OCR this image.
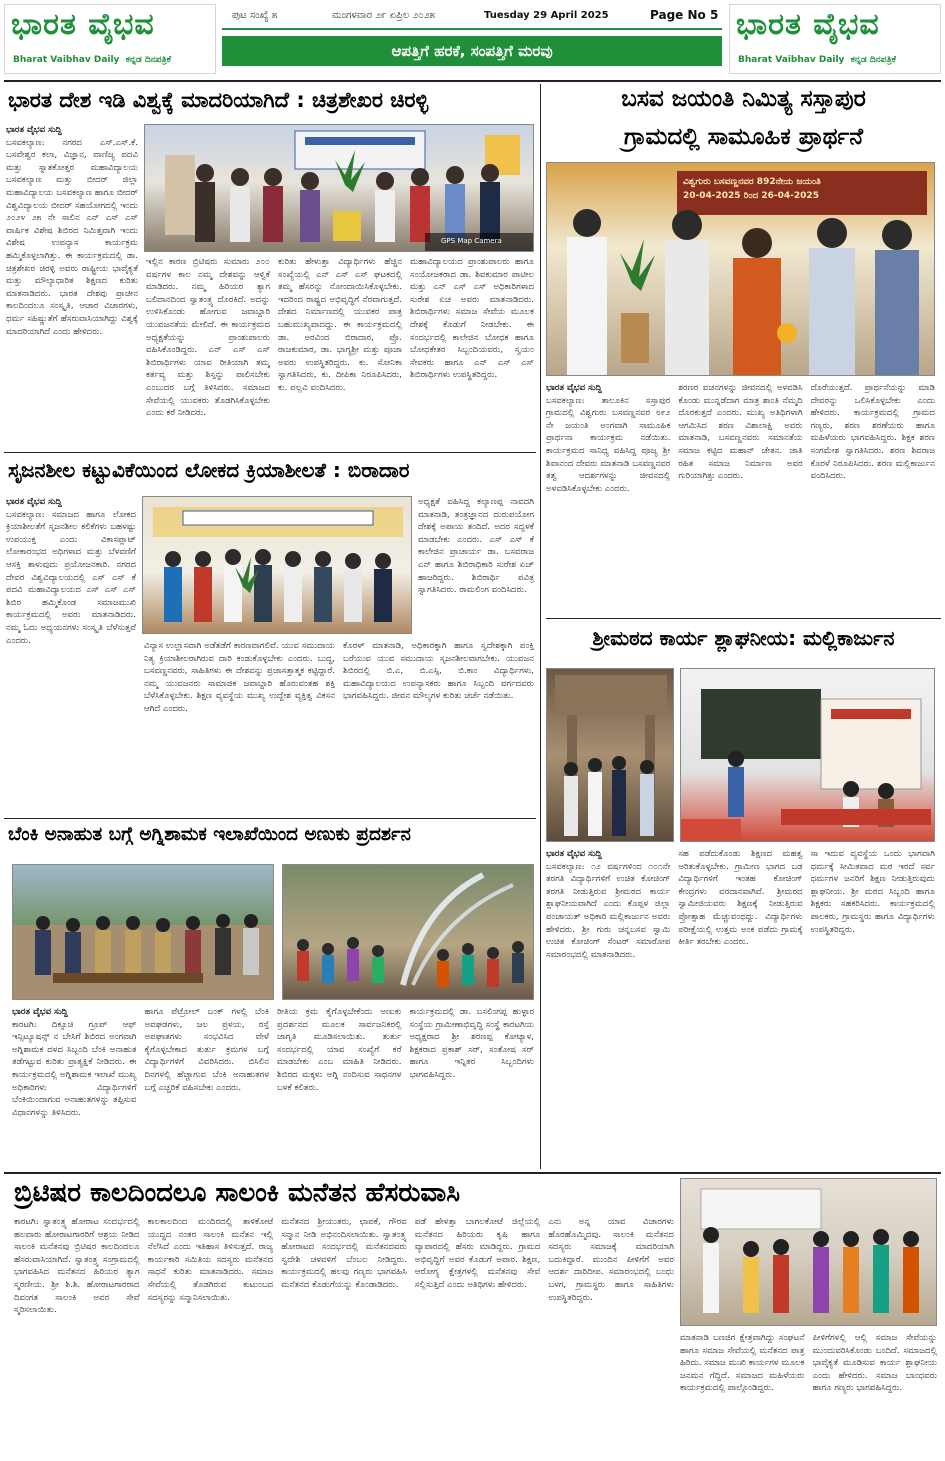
ಭಾರತ ವೈಭವ
Bharat Vaibhav Daily ಕನ್ನಡ ದಿನಪತ್ರಿಕೆ
ಪುಟ ಸಂಖ್ಯೆ ೫	ಮಂಗಳವಾರ ೨೯ ಏಪ್ರಿಲ ೨೦೨೫	Tuesday 29 April 2025	Page No 5
ಆಪತ್ತಿಗೆ ಹರಕೆ, ಸಂಪತ್ತಿಗೆ ಮರವು
ಭಾರತ ವೈಭವ
Bharat Vaibhav Daily ಕನ್ನಡ ದಿನಪತ್ರಿಕೆ
ಭಾರತ ದೇಶ ಇಡಿ ವಿಶ್ವಕ್ಕೆ ಮಾದರಿಯಾಗಿದೆ : ಚಿತ್ರಶೇಖರ ಚಿರಳ್ಳಿ
GPS Map Camera
ಭಾರತ ವೈಭವ ಸುದ್ದಿ
ಬಸವಕಲ್ಯಾಣ: ನಗರದ ಎಸ್.ಎಸ್.ಕೆ. ಬಸವೇಶ್ವರ ಕಲಾ, ವಿಜ್ಞಾನ, ವಾಣಿಜ್ಯ ಪದವಿ ಮತ್ತು ಸ್ನಾತಕೋತ್ತರ ಮಹಾವಿದ್ಯಾಲಯ ಬಸವಕಲ್ಯಾಣ ಮತ್ತು ಬೀದರ್ ಜಿಲ್ಲಾ ಮಹಾವಿದ್ಯಾಲಯ ಬಸವಕಲ್ಯಾಣ ಹಾಗೂ ಬೀದರ್ ವಿಶ್ವವಿದ್ಯಾಲಯ ಬೀದರ್ ಸಹಯೋಗದಲ್ಲಿ ಇಂದು ೨೦೨೪ ೨೫ ನೇ ಸಾಲಿನ ಎನ್ ಎಸ್ ಎಸ್ ವಾರ್ಷಿಕ ವಿಶೇಷ ಶಿಬಿರದ ನಿಮಿತ್ತವಾಗಿ ಇಂದು ವಿಶೇಷ ಉಪನ್ಯಾಸ ಕಾರ್ಯಕ್ರಮ ಹಮ್ಮಿಕೊಳ್ಳಲಾಗಿತ್ತು. ಈ ಕಾರ್ಯಕ್ರಮದಲ್ಲಿ ಡಾ. ಚಿತ್ರಶೇಖರ ಚಿರಳ್ಳಿ ಅವರು ರಾಷ್ಟ್ರೀಯ ಭಾವೈಕ್ಯತೆ ಮತ್ತು ಮೌಲ್ಯಾಧಾರಿತ ಶಿಕ್ಷಣದ ಕುರಿತು ಮಾತನಾಡಿದರು. ಭಾರತ ದೇಶವು ಪ್ರಾಚೀನ ಕಾಲದಿಂದಲೂ ಸಂಸ್ಕೃತಿ, ಆಚಾರ ವಿಚಾರಗಳು, ಧರ್ಮ ಸಹಿಷ್ಣುತೆಗೆ ಹೆಸರುವಾಸಿಯಾಗಿದ್ದು ವಿಶ್ವಕ್ಕೆ ಮಾದರಿಯಾಗಿದೆ ಎಂದು ಹೇಳಿದರು.
ಇಲ್ಲಿನ ಕಾರಣ ಬ್ರಿಟಿಷರು ಸುಮಾರು ೨೦೦ ವರ್ಷಗಳ ಕಾಲ ನಮ್ಮ ದೇಶವನ್ನು ಆಳ್ವಿಕೆ ಮಾಡಿದರು. ನಮ್ಮ ಹಿರಿಯರ ತ್ಯಾಗ ಬಲಿದಾನದಿಂದ ಸ್ವಾತಂತ್ರ್ಯ ದೊರಕಿದೆ. ಅದನ್ನು ಉಳಿಸಿಕೊಂಡು ಹೋಗುವ ಜವಾಬ್ದಾರಿ ಯುವಜನತೆಯ ಮೇಲಿದೆ. ಈ ಕಾರ್ಯಕ್ರಮದ ಅಧ್ಯಕ್ಷತೆಯನ್ನು ಪ್ರಾಂಶುಪಾಲರು ವಹಿಸಿಕೊಂಡಿದ್ದರು. ಎನ್ ಎಸ್ ಎಸ್ ಶಿಬಿರಾರ್ಥಿಗಳು ಯಾವ ರೀತಿಯಾಗಿ ತಮ್ಮ ಕರ್ತವ್ಯ ಮತ್ತು ಶಿಸ್ತನ್ನು ಪಾಲಿಸಬೇಕು ಎಂಬುದರ ಬಗ್ಗೆ ತಿಳಿಸಿದರು. ಸಮಾಜದ ಸೇವೆಯಲ್ಲಿ ಯುವಕರು ತೊಡಗಿಸಿಕೊಳ್ಳಬೇಕು ಎಂದು ಕರೆ ನೀಡಿದರು.
ಕುರಿತು ಹೇಳುತ್ತಾ ವಿದ್ಯಾರ್ಥಿಗಳು ಹೆಚ್ಚಿನ ಸಂಖ್ಯೆಯಲ್ಲಿ ಎನ್ ಎಸ್ ಎಸ್ ಘಟಕದಲ್ಲಿ ತಮ್ಮ ಹೆಸರನ್ನು ನೋಂದಾಯಿಸಿಕೊಳ್ಳಬೇಕು. ಇದರಿಂದ ರಾಷ್ಟ್ರದ ಅಭಿವೃದ್ಧಿಗೆ ನೆರವಾಗುತ್ತದೆ. ದೇಶದ ನಿರ್ಮಾಣದಲ್ಲಿ ಯುವಕರ ಪಾತ್ರ ಬಹುಮುಖ್ಯವಾದದ್ದು. ಈ ಕಾರ್ಯಕ್ರಮದಲ್ಲಿ ಡಾ. ಅರವಿಂದ ಬಿರಾದಾರ, ಪ್ರೊ. ರಾಜಕುಮಾರ, ಡಾ. ಭಾಗ್ಯಶ್ರೀ ಮತ್ತು ಪೂಜಾ ಅವರು ಉಪಸ್ಥಿತರಿದ್ದರು. ಕು. ಸೋನಿಕಾ ಸ್ವಾಗತಿಸಿದರು, ಕು. ದೀಪಿಕಾ ನಿರೂಪಿಸಿದರು, ಕು. ಪಲ್ಲವಿ ವಂದಿಸಿದರು.
ಮಹಾವಿದ್ಯಾಲಯದ ಪ್ರಾಂಶುಪಾಲರು ಹಾಗೂ ಸಂಯೋಜಕರಾದ ಡಾ. ಶಿವಕುಮಾರ ಪಾಟೀಲ ಮತ್ತು ಎನ್ ಎಸ್ ಎಸ್ ಅಧಿಕಾರಿಗಳಾದ ಸುರೇಶ ಏಚ ಅವರು ಮಾತನಾಡಿದರು. ಶಿಬಿರಾರ್ಥಿಗಳು ಸಮಾಜ ಸೇವೆಯ ಮೂಲಕ ದೇಶಕ್ಕೆ ಕೊಡುಗೆ ನೀಡಬೇಕು. ಈ ಸಂದರ್ಭದಲ್ಲಿ ಕಾಲೇಜಿನ ಬೋಧಕ ಹಾಗೂ ಬೋಧಕೇತರ ಸಿಬ್ಬಂದಿಯವರು, ಸ್ವಯಂ ಸೇವಕರು ಹಾಗೂ ಎನ್ ಎಸ್ ಎಸ್ ಶಿಬಿರಾರ್ಥಿಗಳು ಉಪಸ್ಥಿತರಿದ್ದರು.
ಸೃಜನಶೀಲ ಕಟ್ಟುವಿಕೆಯಿಂದ ಲೋಕದ ಕ್ರಿಯಾಶೀಲತೆ : ಬಿರಾದಾರ
ಭಾರತ ವೈಭವ ಸುದ್ದಿ
ಬಸವಕಲ್ಯಾಣ: ಸಮಾಜದ ಹಾಗೂ ಲೋಕದ ಕ್ರಿಯಾಶೀಲತೆಗೆ ಸೃಜನಶೀಲ ಕಲಿಕೆಗಳು ಬಹಳಷ್ಟು ಉಪಯುಕ್ತ ಎಂದು ವಿಕಾಸಪ್ಲಾಟ್ ಲೋಕಾರಂಭದ ಅಧಿಗಳಾದ ಮತ್ತು ಬೆಳವಣಿಗೆ ಆಸಕ್ತಿ ತಾಳುವುದು ಪ್ರಯೋಜನಕಾರಿ. ನಗರದ ದೇವರ ವಿಶ್ವವಿದ್ಯಾಲಯದಲ್ಲಿ ಎಸ್ ಎಸ್ ಕೆ ಪದವಿ ಮಹಾವಿದ್ಯಾಲಯದ ಎಸ್ ಎಸ್ ಎಸ್ ಶಿಬಿರ ಹಮ್ಮಿಕೊಂಡ ಸಮಾಜಮುಖಿ ಕಾರ್ಯಕ್ರಮದಲ್ಲಿ ಅವರು ಮಾತನಾಡಿದರು. ನಮ್ಮ ಓದು ಅಧ್ಯಯನಗಳು ಸಂಸ್ಕೃತಿ ಬೆಳೆಸುತ್ತವೆ ಎಂದರು.
ಅಧ್ಯಕ್ಷತೆ ವಹಿಸಿದ್ದ ಕಲ್ಯಾಣಪ್ಪ ನಾವದಗಿ ಮಾತನಾಡಿ, ತಂತ್ರಜ್ಞಾನದ ದುರುಪಯೋಗ ದೇಶಕ್ಕೆ ಅಪಾಯ ತಂದಿದೆ. ಅದರ ಸದ್ಬಳಕೆ ಮಾಡಬೇಕು ಎಂದರು. ಎಸ್ ಎಸ್ ಕೆ ಕಾಲೇಜಿನ ಪ್ರಾಚಾರ್ಯ ಡಾ. ಬಸವರಾಜ ಎನ್ ಹಾಗೂ ಶಿಬಿರಾಧಿಕಾರಿ ಸುರೇಶ ಏಚ್ ಹಾಜರಿದ್ದರು. ಶಿಬಿರಾರ್ಥಿ ಪವಿತ್ರ ಸ್ವಾಗತಿಸಿದರು. ರಾಮಲಿಂಗ ವಂದಿಸಿದರು.
ವಿನ್ಯಾಸ ಉಲ್ಲಾಸವಾಗಿ ಅಡೆತಡೆಗೆ ಕಾರಣವಾಗಲಿವೆ. ಯುವ ಸಮುದಾಯ ನಿತ್ಯ ಕ್ರಿಯಾಶೀಲರಾಗಿರುವ ದಾರಿ ಕಂಡುಕೊಳ್ಳಬೇಕು ಎಂದರು. ಬುದ್ಧ, ಬಸವಣ್ಣನವರು, ಸಾಹಿತಿಗಳು ಈ ದೇಶವನ್ನು ಪ್ರಜಾಸತ್ತಾತ್ಮಕ ಕಟ್ಟಿದ್ದಾರೆ. ನಮ್ಮ ಯುವಜನರು ಸಾಮಾಜಿಕ ಜವಾಬ್ದಾರಿ ಹೊರುವಂತಹ ಶಕ್ತಿ ಬೆಳೆಸಿಕೊಳ್ಳಬೇಕು. ಶಿಕ್ಷಣ ವ್ಯವಸ್ಥೆಯ ಮುಖ್ಯ ಉದ್ದೇಶ ವ್ಯಕ್ತಿತ್ವ ವಿಕಸನ ಆಗಿದೆ ಎಂದರು.
ಕೊರಳ್ ಮಾತನಾಡಿ, ಅಧಿಕಾರಕ್ಕಾಗಿ ಹಾಗೂ ಸ್ವದೇಶಕ್ಕಾಗಿ ಪಂಕ್ತಿ ಬರೆಯುವ ಯುವ ಸಮುದಾಯ ಸೃಜನಶೀಲವಾಗಬೇಕು. ಯುವಜನ ಶಿಬಿರದಲ್ಲಿ ಬಿ.ಎ, ಬಿ.ಎಸ್ಸಿ, ಬಿ.ಕಾಂ ವಿದ್ಯಾರ್ಥಿಗಳು, ಮಹಾವಿದ್ಯಾಲಯದ ಉಪನ್ಯಾಸಕರು ಹಾಗೂ ಸಿಬ್ಬಂದಿ ವರ್ಗದವರು ಭಾಗವಹಿಸಿದ್ದರು. ಜೀವನ ಮೌಲ್ಯಗಳ ಕುರಿತು ಚರ್ಚೆ ನಡೆಯಿತು.
ಬೆಂಕಿ ಅನಾಹುತ ಬಗ್ಗೆ ಅಗ್ನಿಶಾಮಕ ಇಲಾಖೆಯಿಂದ ಅಣುಕು ಪ್ರದರ್ಶನ
ಭಾರತ ವೈಭವ ಸುದ್ದಿ
ಕಾರಟಗಿ: ದಿಕ್ಸೂಚಿ ಗ್ರೂಪ್ ಆಫ್ ಇನ್ಸಿಟ್ಯೂಷನ್ಸ್ ನ ಬೇಸಿಗೆ ಶಿಬಿರದ ಅಂಗವಾಗಿ ಅಗ್ನಿಶಾಮಕ ದಳದ ಸಿಬ್ಬಂದಿ ಬೆಂಕಿ ಅನಾಹುತ ತಡೆಗಟ್ಟುವ ಕುರಿತು ಪ್ರಾತ್ಯಕ್ಷಿಕೆ ನೀಡಿದರು. ಈ ಕಾರ್ಯಕ್ರಮದಲ್ಲಿ ಅಗ್ನಿಶಾಮಕ ಇಲಾಖೆ ಮುಖ್ಯ ಅಧಿಕಾರಿಗಳು ವಿದ್ಯಾರ್ಥಿಗಳಿಗೆ ಬೆಂಕಿಯಿಂದಾಗುವ ಅನಾಹುತಗಳನ್ನು ತಪ್ಪಿಸುವ ವಿಧಾನಗಳನ್ನು ತಿಳಿಸಿದರು.
ಹಾಗೂ ಪೆಟ್ರೋಲ್ ಬಂಕ್ ಗಳಲ್ಲಿ ಬೆಂಕಿ ಅವಘಡಗಳು, ಜಲ ಪ್ರಳಯ, ರಸ್ತೆ ಅಪಘಾತಗಳು ಸಂಭವಿಸಿದ ವೇಳೆ ಕೈಗೊಳ್ಳಬೇಕಾದ ತುರ್ತು ಕ್ರಮಗಳ ಬಗ್ಗೆ ವಿದ್ಯಾರ್ಥಿಗಳಿಗೆ ವಿವರಿಸಿದರು. ಬಿಸಿಲಿನ ದಿನಗಳಲ್ಲಿ ಹೆಚ್ಚಾಗುವ ಬೆಂಕಿ ಅನಾಹುತಗಳ ಬಗ್ಗೆ ಎಚ್ಚರಿಕೆ ವಹಿಸಬೇಕು ಎಂದರು.
ರೀತಿಯ ಕ್ರಮ ಕೈಗೊಳ್ಳಬೇಕೆಂದು ಅಣುಕು ಪ್ರದರ್ಶನದ ಮೂಲಕ ಸಾರ್ವಜನಿಕರಲ್ಲಿ ಜಾಗೃತಿ ಮೂಡಿಸಲಾಯಿತು. ತುರ್ತು ಸಂದರ್ಭದಲ್ಲಿ ಯಾವ ಸಂಖ್ಯೆಗೆ ಕರೆ ಮಾಡಬೇಕು ಎಂಬ ಮಾಹಿತಿ ನೀಡಿದರು. ಶಿಬಿರದ ಮಕ್ಕಳು ಅಗ್ನಿ ನಂದಿಸುವ ಸಾಧನಗಳ ಬಳಕೆ ಕಲಿತರು.
ಕಾರ್ಯಕ್ರಮದಲ್ಲಿ ಡಾ. ಬಸಲಿಂಗಪ್ಪ ಹುಳ್ಳಾರ ಸಂಸ್ಥೆಯ ಗ್ರಾಮೀಣಾಭಿವೃದ್ಧಿ ಸಂಸ್ಥೆ ಕಾರಟಗಿಯ ಅಧ್ಯಕ್ಷರಾದ ಶ್ರೀ ಶರಣಪ್ಪ ಕೋಟ್ಯಾಳ, ಶಿಕ್ಷಕರಾದ ಪ್ರಕಾಶ್ ಸರ್, ಸಂತೋಷ ಸರ್ ಹಾಗೂ ಇನ್ನಿತರ ಸಿಬ್ಬಂದಿಗಳು ಭಾಗವಹಿಸಿದ್ದರು.
ಬಸವ ಜಯಂತಿ ನಿಮಿತ್ಯ ಸಸ್ತಾಪುರ
ಗ್ರಾಮದಲ್ಲಿ ಸಾಮೂಹಿಕ ಪ್ರಾರ್ಥನೆ
ವಿಶ್ವಗುರು ಬಸವಣ್ಣನವರ 892ನೇಯ ಜಯಂತಿ
20-04-2025 ರಿಂದ 26-04-2025
ಭಾರತ ವೈಭವ ಸುದ್ದಿ
ಬಸವಕಲ್ಯಾಣ: ತಾಲೂಕಿನ ಸಸ್ತಾಪುರ ಗ್ರಾಮದಲ್ಲಿ ವಿಶ್ವಗುರು ಬಸವಣ್ಣನವರ ೮೯೨ ನೇ ಜಯಂತಿ ಅಂಗವಾಗಿ ಸಾಮೂಹಿಕ ಪ್ರಾರ್ಥನಾ ಕಾರ್ಯಕ್ರಮ ನಡೆಯಿತು. ಕಾರ್ಯಕ್ರಮದ ಸಾನಿಧ್ಯ ವಹಿಸಿದ್ದ ಪೂಜ್ಯ ಶ್ರೀ ಶಿವಾನಂದ ದೇವರು ಮಾತನಾಡಿ ಬಸವಣ್ಣನವರ ತತ್ವ ಆದರ್ಶಗಳನ್ನು ಜೀವನದಲ್ಲಿ ಅಳವಡಿಸಿಕೊಳ್ಳಬೇಕು ಎಂದರು.
ಶರಣರ ವಚನಗಳನ್ನು ಜೀವನದಲ್ಲಿ ಅಳವಡಿಸಿ ಕೊಂಡು ಮುನ್ನಡೆದಾಗ ಮಾತ್ರ ಶಾಂತಿ ನೆಮ್ಮದಿ ದೊರಕುತ್ತದೆ ಎಂದರು. ಮುಖ್ಯ ಅತಿಥಿಗಳಾಗಿ ಆಗಮಿಸಿದ ಶರಣ ವಿಶಾಲಾಕ್ಷಿ ಅವರು ಮಾತನಾಡಿ, ಬಸವಣ್ಣನವರು ಸಮಾನತೆಯ ಸಮಾಜ ಕಟ್ಟಿದ ಮಹಾನ್ ಚೇತನ. ಜಾತಿ ರಹಿತ ಸಮಾಜ ನಿರ್ಮಾಣ ಅವರ ಗುರಿಯಾಗಿತ್ತು ಎಂದರು.
ದೊರೆಯುತ್ತದೆ. ಪ್ರಾರ್ಥನೆಯನ್ನು ಮಾಡಿ ದೇವರನ್ನು ಒಲಿಸಿಕೊಳ್ಳಬೇಕು ಎಂದು ಹೇಳಿದರು. ಕಾರ್ಯಕ್ರಮದಲ್ಲಿ ಗ್ರಾಮದ ಗಣ್ಯರು, ಶರಣ ಶರಣೆಯರು ಹಾಗೂ ಮಹಿಳೆಯರು ಭಾಗವಹಿಸಿದ್ದರು. ಶಿಕ್ಷಕ ಶರಣ ಸಂಗಮೇಶ ಸ್ವಾಗತಿಸಿದರು. ಶರಣ ಶಿವರಾಜ ಕೊರಳೆ ನಿರೂಪಿಸಿದರು. ಶರಣ ಮಲ್ಲಿಕಾರ್ಜುನ ವಂದಿಸಿದರು.
ಶ್ರೀಮಠದ ಕಾರ್ಯ ಶ್ಲಾಘನೀಯ: ಮಲ್ಲಿಕಾರ್ಜುನ
ಭಾರತ ವೈಭವ ಸುದ್ದಿ
ಬಸವಕಲ್ಯಾಣ: ೧೨ ವರ್ಷಗಳಿಂದ ೧೦೧ನೇ ತರಗತಿ ವಿದ್ಯಾರ್ಥಿಗಳಿಗೆ ಉಚಿತ ಕೋಚಿಂಗ್ ತರಗತಿ ನೀಡುತ್ತಿರುವ ಶ್ರೀಮಠದ ಕಾರ್ಯ ಶ್ಲಾಘನೀಯವಾಗಿದೆ ಎಂದು ಕೊಪ್ಪಳ ಜಿಲ್ಲಾ ಪಂಚಾಯತ್ ಅಧಿಕಾರಿ ಮಲ್ಲಿಕಾರ್ಜುನ ಅವರು ಹೇಳಿದರು. ಶ್ರೀ ಗುರು ಚನ್ನಬಸವ ಸ್ವಾಮಿ ಉಚಿತ ಕೋಚಿಂಗ್ ಸೆಂಟರ್ ಸಮಾರೋಪ ಸಮಾರಂಭದಲ್ಲಿ ಮಾತನಾಡಿದರು.
ಸಹ ಪಡೆದುಕೊಂಡು ಶಿಕ್ಷಣದ ಮಹತ್ವ ಅರಿತುಕೊಳ್ಳಬೇಕು. ಗ್ರಾಮೀಣ ಭಾಗದ ಬಡ ವಿದ್ಯಾರ್ಥಿಗಳಿಗೆ ಇಂತಹ ಕೋಚಿಂಗ್ ಕೇಂದ್ರಗಳು ವರದಾನವಾಗಿವೆ. ಶ್ರೀಮಠದ ಸ್ವಾಮೀಜಿಯವರು ಶಿಕ್ಷಣಕ್ಕೆ ನೀಡುತ್ತಿರುವ ಪ್ರೋತ್ಸಾಹ ಮೆಚ್ಚುವಂಥದ್ದು. ವಿದ್ಯಾರ್ಥಿಗಳು ಪರೀಕ್ಷೆಯಲ್ಲಿ ಉತ್ತಮ ಅಂಕ ಪಡೆದು ಗ್ರಾಮಕ್ಕೆ ಕೀರ್ತಿ ತರಬೇಕು ಎಂದರು.
ಸಾ ಇದುವ ವ್ಯವಸ್ಥೆಯ ಒಂದು ಭಾಗವಾಗಿ ಧರ್ಮಕ್ಕೆ ಸೀಮಿತವಾದ ಮಠ ಇರದೆ ಸರ್ವ ಧರ್ಮಗಳ ಜನರಿಗೆ ಶಿಕ್ಷಣ ನೀಡುತ್ತಿರುವುದು ಶ್ಲಾಘನೀಯ. ಶ್ರೀ ಮಠದ ಸಿಬ್ಬಂದಿ ಹಾಗೂ ಶಿಕ್ಷಕರು ಸಹಕರಿಸಿದರು. ಕಾರ್ಯಕ್ರಮದಲ್ಲಿ ಪಾಲಕರು, ಗ್ರಾಮಸ್ಥರು ಹಾಗೂ ವಿದ್ಯಾರ್ಥಿಗಳು ಉಪಸ್ಥಿತರಿದ್ದರು.
ಬ್ರಿಟಿಷರ ಕಾಲದಿಂದಲೂ ಸಾಲಂಕಿ ಮನೆತನ ಹೆಸರುವಾಸಿ
ಕಾರಟಗಿ: ಸ್ವಾತಂತ್ರ್ಯ ಹೋರಾಟ ಸಂದರ್ಭದಲ್ಲಿ ಹಲವಾರು ಹೋರಾಟಗಾರರಿಗೆ ಆಶ್ರಯ ನೀಡಿದ ಸಾಲಂಕಿ ಮನೆತನವು ಬ್ರಿಟಿಷರ ಕಾಲದಿಂದಲೂ ಹೆಸರುವಾಸಿಯಾಗಿದೆ. ಸ್ವಾತಂತ್ರ್ಯ ಸಂಗ್ರಾಮದಲ್ಲಿ ಭಾಗವಹಿಸಿದ ಮನೆತನದ ಹಿರಿಯರ ತ್ಯಾಗ ಸ್ಮರಣೀಯ. ಶ್ರೀ ಶಿ.ಶಿ. ಹೋರಾಟಗಾರರಾದ ದಿವಂಗತ ಸಾಲಂಕಿ ಅವರ ಸೇವೆ ಸ್ಮರಿಸಲಾಯಿತು.
ಕಾಲಕಾಲದಿಂದ ಮಂದಿರದಲ್ಲಿ ತಾಳಿಕೋಟೆ ಯುದ್ಧದ ನಂತರ ಸಾಲಂಕಿ ಮನೆತನ ಇಲ್ಲಿ ನೆಲೆಸಿದೆ ಎಂದು ಇತಿಹಾಸ ತಿಳಿಸುತ್ತದೆ. ರಾಜ್ಯ ಕಾರ್ಯಕಾರಿ ಸಮಿತಿಯ ಸದಸ್ಯರು ಮನೆತನದ ಸಾಧನೆ ಕುರಿತು ಮಾತನಾಡಿದರು. ಸಮಾಜ ಸೇವೆಯಲ್ಲಿ ತೊಡಗಿರುವ ಕುಟುಂಬದ ಸದಸ್ಯರನ್ನು ಸನ್ಮಾನಿಸಲಾಯಿತು.
ಮನೆತನದ ಶ್ರೀಯುತರು, ಛಾಪಕೆ, ಗೌರವ ಸನ್ಮಾನ ನೀಡಿ ಅಭಿನಂದಿಸಲಾಯಿತು. ಸ್ವಾತಂತ್ರ್ಯ ಹೋರಾಟದ ಸಂದರ್ಭದಲ್ಲಿ ಮನೆತನದವರು ಸ್ವದೇಶಿ ಚಳವಳಿಗೆ ಬೆಂಬಲ ನೀಡಿದ್ದರು. ಕಾರ್ಯಕ್ರಮದಲ್ಲಿ ಹಲವು ಗಣ್ಯರು ಭಾಗವಹಿಸಿ ಮನೆತನದ ಕೊಡುಗೆಯನ್ನು ಕೊಂಡಾಡಿದರು.
ಪಡೆ ಹೇಳತ್ತಾ ಬಾಗಲಕೋಟೆ ಜಿಲ್ಲೆಯಲ್ಲಿ ಮನೆತನದ ಹಿರಿಯರು ಕೃಷಿ ಹಾಗೂ ವ್ಯಾಪಾರದಲ್ಲಿ ಹೆಸರು ಮಾಡಿದ್ದರು. ಗ್ರಾಮದ ಅಭಿವೃದ್ಧಿಗೆ ಅವರ ಕೊಡುಗೆ ಅಪಾರ. ಶಿಕ್ಷಣ, ಆರೋಗ್ಯ ಕ್ಷೇತ್ರಗಳಲ್ಲಿ ಮನೆತನವು ಸೇವೆ ಸಲ್ಲಿಸುತ್ತಿದೆ ಎಂದು ಅತಿಥಿಗಳು ಹೇಳಿದರು.
ಎನು ಅನ್ನ ಯಾವ ವಿಚಾರಗಳು ಹೊರಹೊಮ್ಮಿದವು. ಸಾಲಂಕಿ ಮನೆತನದ ಸದಸ್ಯರು ಸಮಾಜಕ್ಕೆ ಮಾದರಿಯಾಗಿ ಬದುಕಿದ್ದಾರೆ. ಮುಂದಿನ ಪೀಳಿಗೆಗೆ ಅವರ ಆದರ್ಶ ದಾರಿದೀಪ. ಸಮಾರಂಭದಲ್ಲಿ ಬಂಧು ಬಳಗ, ಗ್ರಾಮಸ್ಥರು ಹಾಗೂ ಸಾಹಿತಿಗಳು ಉಪಸ್ಥಿತರಿದ್ದರು.
ಮಾತನಾಡಿ ಬಣಜಿಗ ಕ್ಷೇತ್ರವಾಗಿದ್ದು ಸಂಘಟನೆ ಹಾಗೂ ಸಮಾಜ ಸೇವೆಯಲ್ಲಿ ಮನೆತನದ ಪಾತ್ರ ಹಿರಿದು. ಸಮಾಜ ಮುಖಿ ಕಾರ್ಯಗಳ ಮೂಲಕ ಜನಮನ ಗೆದ್ದಿದೆ. ಸಮಾಜದ ಮಹಿಳೆಯರು ಕಾರ್ಯಕ್ರಮದಲ್ಲಿ ಪಾಲ್ಗೊಂಡಿದ್ದರು.
ಪೀಳಿಗೆಗಳಲ್ಲಿ ಆಲ್ಲಿ ಸಮಾಜ ಸೇವೆಯನ್ನು ಮುಂದುವರಿಸಿಕೊಂಡು ಬಂದಿದೆ. ಸಮಾಜದಲ್ಲಿ ಭಾವೈಕ್ಯತೆ ಮೂಡಿಸುವ ಕಾರ್ಯ ಶ್ಲಾಘನೀಯ ಎಂದು ಹೇಳಿದರು. ಸಮಾಜ ಬಾಂಧವರು ಹಾಗೂ ಗಣ್ಯರು ಭಾಗವಹಿಸಿದ್ದರು.
